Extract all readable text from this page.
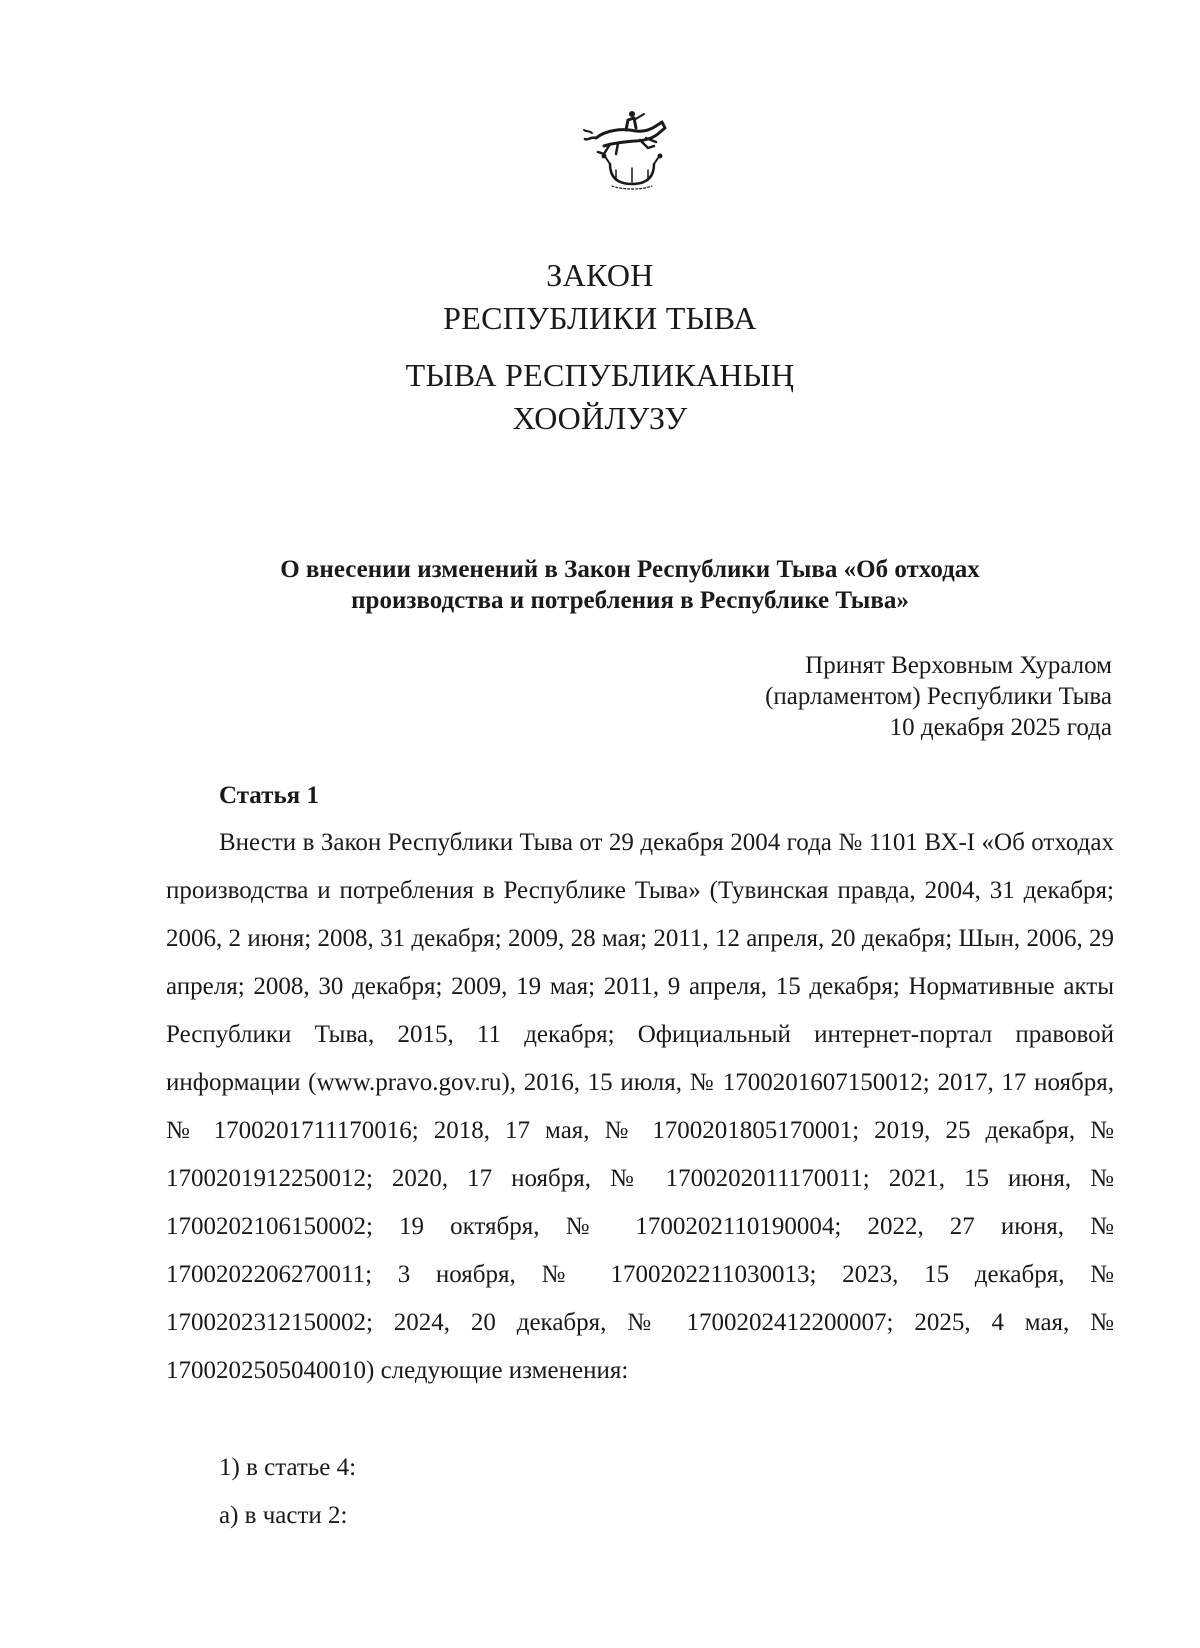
ЗАКОН
РЕСПУБЛИКИ ТЫВА
ТЫВА РЕСПУБЛИКАНЫҢ
ХООЙЛУЗУ
О внесении изменений в Закон Республики Тыва «Об отходах
производства и потребления в Республике Тыва»
Принят Верховным Хуралом
(парламентом) Республики Тыва
10 декабря 2025 года
Статья 1

Внести в Закон Республики Тыва от 29 декабря 2004 года № 1101 ВХ-I «Об отходах производства и потребления в Республике Тыва» (Тувинская правда, 2004, 31 декабря; 2006, 2 июня; 2008, 31 декабря; 2009, 28 мая; 2011, 12 апреля, 20 декабря; Шын, 2006, 29 апреля; 2008, 30 декабря; 2009, 19 мая; 2011, 9 апреля, 15 декабря; Нормативные акты Республики Тыва, 2015, 11 декабря; Официальный интернет-портал правовой информации (www.pravo.gov.ru), 2016, 15 июля, № 1700201607150012; 2017, 17 ноября, № 1700201711170016; 2018, 17 мая, № 1700201805170001; 2019, 25 декабря, № 1700201912250012; 2020, 17 ноября, № 1700202011170011; 2021, 15 июня, № 1700202106150002; 19 октября, № 1700202110190004; 2022, 27 июня, № 1700202206270011; 3 ноября, № 1700202211030013; 2023, 15 декабря, № 1700202312150002; 2024, 20 декабря, № 1700202412200007; 2025, 4 мая, № 1700202505040010) следующие изменения:

1) в статье 4:
а) в части 2:
